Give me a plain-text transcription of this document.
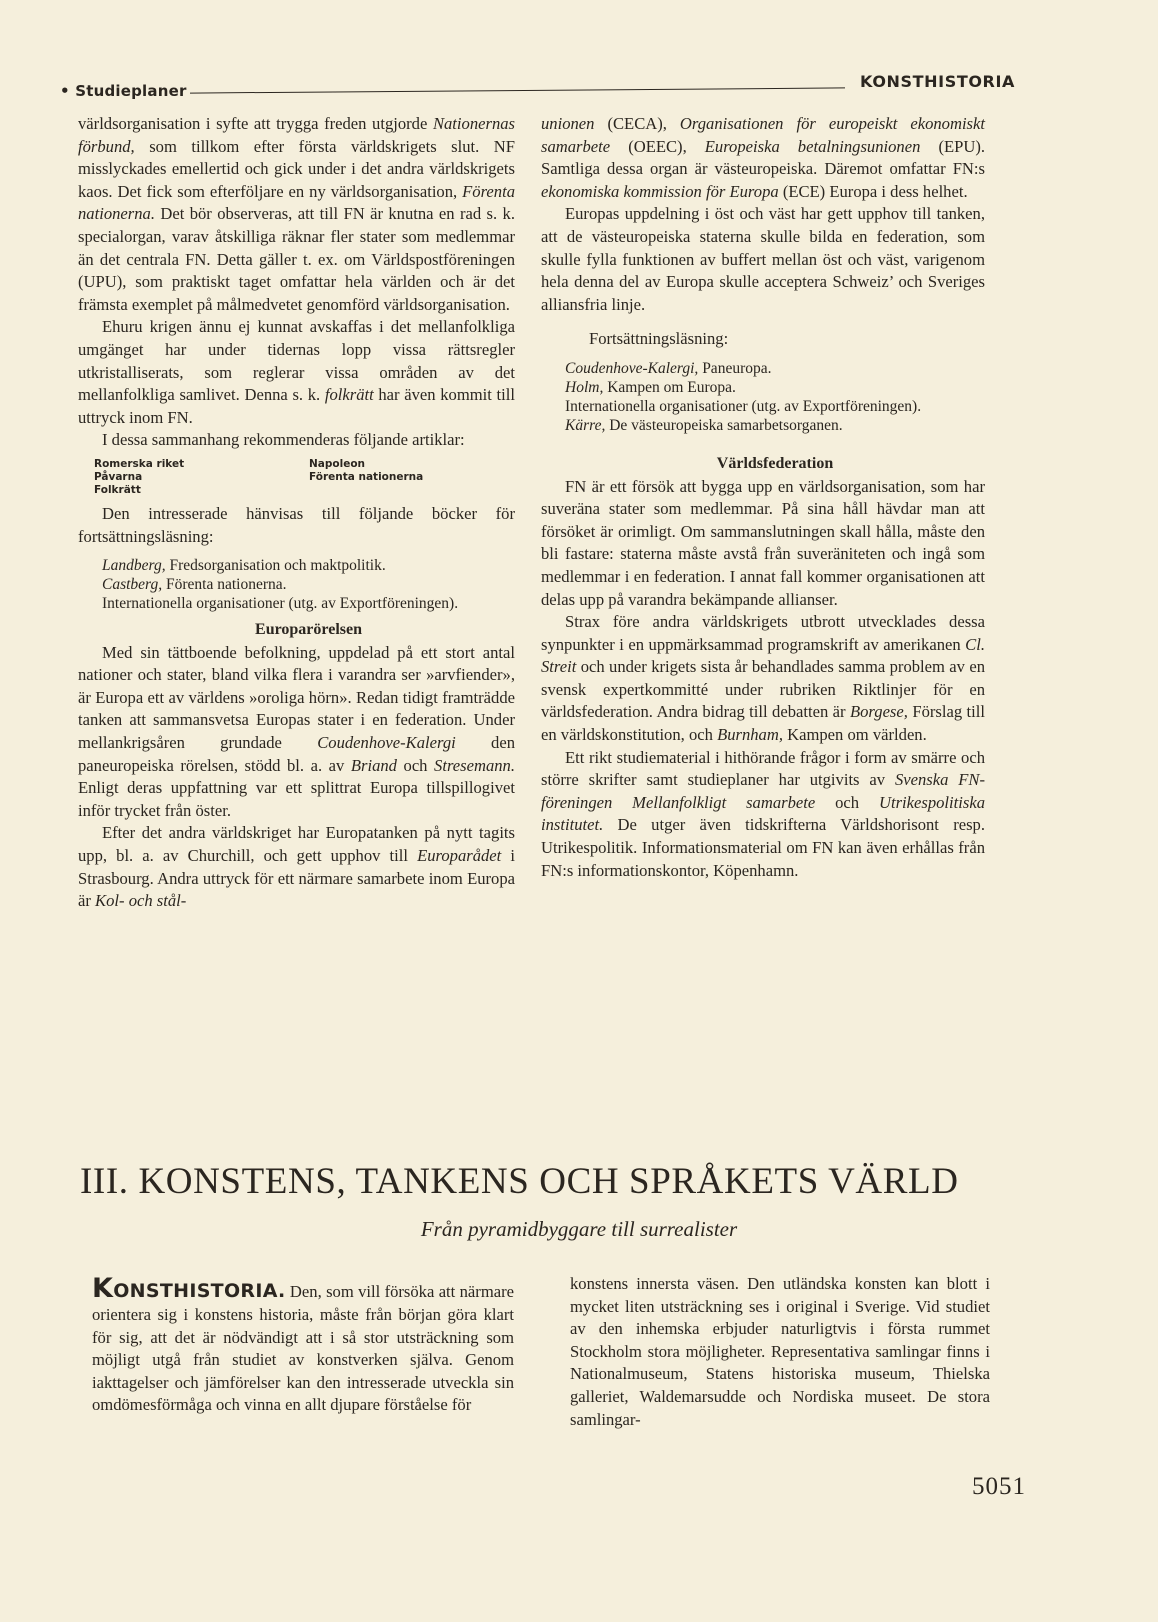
• Studieplaner	KONSTHISTORIA

världsorganisation i syfte att trygga freden utgjorde Nationernas förbund, som tillkom efter första världskrigets slut. NF misslyckades emellertid och gick under i det andra världskrigets kaos. Det fick som efterföljare en ny världsorganisation, Förenta nationerna. Det bör observeras, att till FN är knutna en rad s. k. specialorgan, varav åtskilliga räknar fler stater som medlemmar än det centrala FN. Detta gäller t. ex. om Världspostföreningen (UPU), som praktiskt taget omfattar hela världen och är det främsta exemplet på målmedvetet genomförd världsorganisation.

Ehuru krigen ännu ej kunnat avskaffas i det mellanfolkliga umgänget har under tidernas lopp vissa rättsregler utkristalliserats, som reglerar vissa områden av det mellanfolkliga samlivet. Denna s. k. folkrätt har även kommit till uttryck inom FN.

I dessa sammanhang rekommenderas följande artiklar:

Romerska riket	Napoleon
Påvarna	Förenta nationerna
Folkrätt

Den intresserade hänvisas till följande böcker för fortsättningsläsning:

Landberg, Fredsorganisation och maktpolitik.
Castberg, Förenta nationerna.
Internationella organisationer (utg. av Exportföreningen).

Europarörelsen

Med sin tättboende befolkning, uppdelad på ett stort antal nationer och stater, bland vilka flera i varandra ser »arvfiender», är Europa ett av världens »oroliga hörn». Redan tidigt framträdde tanken att sammansvetsa Europas stater i en federation. Under mellankrigsåren grundade Coudenhove-Kalergi den paneuropeiska rörelsen, stödd bl. a. av Briand och Stresemann. Enligt deras uppfattning var ett splittrat Europa tillspillogivet inför trycket från öster.

Efter det andra världskriget har Europatanken på nytt tagits upp, bl. a. av Churchill, och gett upphov till Europarådet i Strasbourg. Andra uttryck för ett närmare samarbete inom Europa är Kol- och stål-

unionen (CECA), Organisationen för europeiskt ekonomiskt samarbete (OEEC), Europeiska betalningsunionen (EPU). Samtliga dessa organ är västeuropeiska. Däremot omfattar FN:s ekonomiska kommission för Europa (ECE) Europa i dess helhet.

Europas uppdelning i öst och väst har gett upphov till tanken, att de västeuropeiska staterna skulle bilda en federation, som skulle fylla funktionen av buffert mellan öst och väst, varigenom hela denna del av Europa skulle acceptera Schweiz’ och Sveriges alliansfria linje.

Fortsättningsläsning:

Coudenhove-Kalergi, Paneuropa.
Holm, Kampen om Europa.
Internationella organisationer (utg. av Exportföreningen).
Kärre, De västeuropeiska samarbetsorganen.

Världsfederation

FN är ett försök att bygga upp en världsorganisation, som har suveräna stater som medlemmar. På sina håll hävdar man att försöket är orimligt. Om sammanslutningen skall hålla, måste den bli fastare: staterna måste avstå från suveräniteten och ingå som medlemmar i en federation. I annat fall kommer organisationen att delas upp på varandra bekämpande allianser.

Strax före andra världskrigets utbrott utvecklades dessa synpunkter i en uppmärksammad programskrift av amerikanen Cl. Streit och under krigets sista år behandlades samma problem av en svensk expertkommitté under rubriken Riktlinjer för en världsfederation. Andra bidrag till debatten är Borgese, Förslag till en världskonstitution, och Burnham, Kampen om världen.

Ett rikt studiematerial i hithörande frågor i form av smärre och större skrifter samt studieplaner har utgivits av Svenska FN-föreningen Mellanfolkligt samarbete och Utrikespolitiska institutet. De utger även tidskrifterna Världshorisont resp. Utrikespolitik. Informationsmaterial om FN kan även erhållas från FN:s informationskontor, Köpenhamn.

III. KONSTENS, TANKENS OCH SPRÅKETS VÄRLD
Från pyramidbyggare till surrealister

KONSTHISTORIA. Den, som vill försöka att närmare orientera sig i konstens historia, måste från början göra klart för sig, att det är nödvändigt att i så stor utsträckning som möjligt utgå från studiet av konstverken själva. Genom iakttagelser och jämförelser kan den intresserade utveckla sin omdömesförmåga och vinna en allt djupare förståelse för

konstens innersta väsen. Den utländska konsten kan blott i mycket liten utsträckning ses i original i Sverige. Vid studiet av den inhemska erbjuder naturligtvis i första rummet Stockholm stora möjligheter. Representativa samlingar finns i Nationalmuseum, Statens historiska museum, Thielska galleriet, Waldemarsudde och Nordiska museet. De stora samlingar-

5051
